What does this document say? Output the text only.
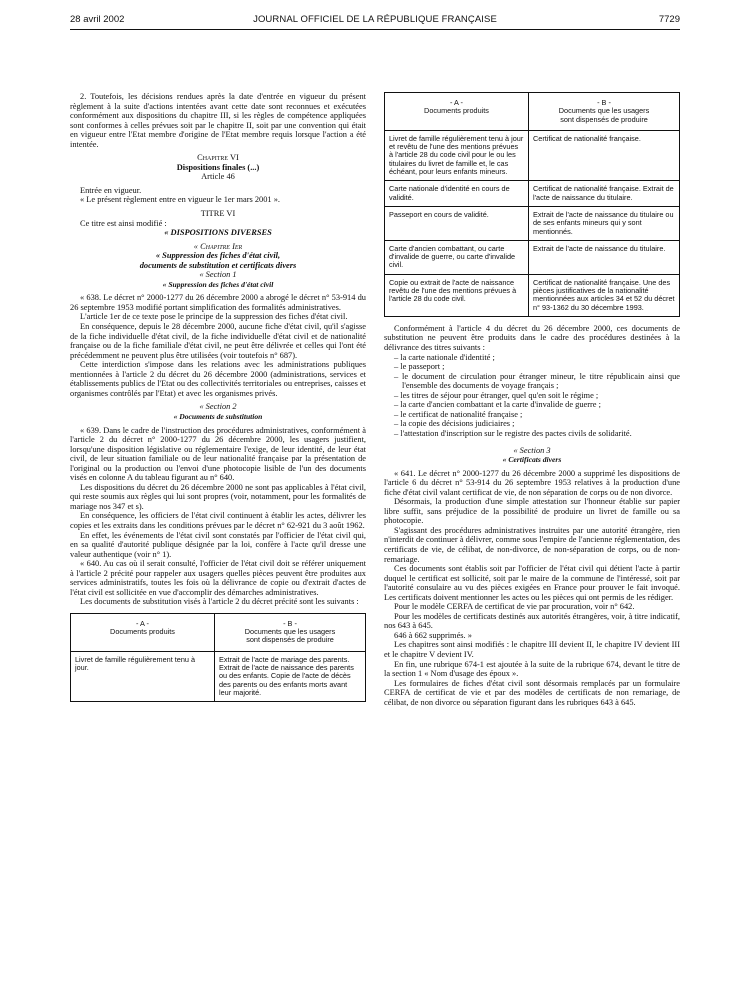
28 avril 2002	JOURNAL OFFICIEL DE LA RÉPUBLIQUE FRANÇAISE	7729

2. Toutefois, les décisions rendues après la date d'entrée en vigueur du présent règlement à la suite d'actions intentées avant cette date sont reconnues et exécutées conformément aux dispositions du chapitre III, si les règles de compétence appliquées sont conformes à celles prévues soit par le chapitre II, soit par une convention qui était en vigueur entre l'Etat membre d'origine de l'Etat membre requis lorsque l'action a été intentée.

Chapitre VI

Dispositions finales (...)

Article 46

Entrée en vigueur.

« Le présent règlement entre en vigueur le 1er mars 2001 ».

TITRE VI

Ce titre est ainsi modifié :

« DISPOSITIONS DIVERSES

« Chapitre Ier

« Suppression des fiches d'état civil,

documents de substitution et certificats divers

« Section 1

« Suppression des fiches d'état civil

« 638. Le décret n° 2000-1277 du 26 décembre 2000 a abrogé le décret n° 53-914 du 26 septembre 1953 modifié portant simplification des formalités administratives.

L'article 1er de ce texte pose le principe de la suppression des fiches d'état civil.

En conséquence, depuis le 28 décembre 2000, aucune fiche d'état civil, qu'il s'agisse de la fiche individuelle d'état civil, de la fiche individuelle d'état civil et de nationalité française ou de la fiche familiale d'état civil, ne peut être délivrée et celles qui l'ont été précédemment ne peuvent plus être utilisées (voir toutefois n° 687).

Cette interdiction s'impose dans les relations avec les administrations publiques mentionnées à l'article 2 du décret du 26 décembre 2000 (administrations, services et établissements publics de l'Etat ou des collectivités territoriales ou entreprises, caisses et organismes contrôlés par l'Etat) et avec les organismes privés.

« Section 2

« Documents de substitution

« 639. Dans le cadre de l'instruction des procédures administratives, conformément à l'article 2 du décret n° 2000-1277 du 26 décembre 2000, les usagers justifient, lorsqu'une disposition législative ou réglementaire l'exige, de leur identité, de leur état civil, de leur situation familiale ou de leur nationalité française par la présentation de l'original ou la production ou l'envoi d'une photocopie lisible de l'un des documents visés en colonne A du tableau figurant au n° 640.

Les dispositions du décret du 26 décembre 2000 ne sont pas applicables à l'état civil, qui reste soumis aux règles qui lui sont propres (voir, notamment, pour les formalités de mariage nos 347 et s).

En conséquence, les officiers de l'état civil continuent à établir les actes, délivrer les copies et les extraits dans les conditions prévues par le décret n° 62-921 du 3 août 1962.

En effet, les événements de l'état civil sont constatés par l'officier de l'état civil qui, en sa qualité d'autorité publique désignée par la loi, confère à l'acte qu'il dresse une valeur authentique (voir n° 1).

« 640. Au cas où il serait consulté, l'officier de l'état civil doit se référer uniquement à l'article 2 précité pour rappeler aux usagers quelles pièces peuvent être produites aux services administratifs, toutes les fois où la délivrance de copie ou d'extrait d'actes de l'état civil est sollicitée en vue d'accomplir des démarches administratives.

Les documents de substitution visés à l'article 2 du décret précité sont les suivants :

- A -
Documents produits	- B -
Documents que les usagers
sont dispensés de produire

Livret de famille régulièrement tenu à jour.	Extrait de l'acte de mariage des parents. Extrait de l'acte de naissance des parents ou des enfants. Copie de l'acte de décès des parents ou des enfants morts avant leur majorité.
- A -
Documents produits	- B -
Documents que les usagers
sont dispensés de produire

Livret de famille régulièrement tenu à jour et revêtu de l'une des mentions prévues à l'article 28 du code civil pour le ou les titulaires du livret de famille et, le cas échéant, pour leurs enfants mineurs.	Certificat de nationalité française.
Carte nationale d'identité en cours de validité.	Certificat de nationalité française. Extrait de l'acte de naissance du titulaire.
Passeport en cours de validité.	Extrait de l'acte de naissance du titulaire ou de ses enfants mineurs qui y sont mentionnés.
Carte d'ancien combattant, ou carte d'invalide de guerre, ou carte d'invalide civil.	Extrait de l'acte de naissance du titulaire.
Copie ou extrait de l'acte de naissance revêtu de l'une des mentions prévues à l'article 28 du code civil.	Certificat de nationalité française. Une des pièces justificatives de la nationalité mentionnées aux articles 34 et 52 du décret n° 93-1362 du 30 décembre 1993.

Conformément à l'article 4 du décret du 26 décembre 2000, ces documents de substitution ne peuvent être produits dans le cadre des procédures destinées à la délivrance des titres suivants :

– la carte nationale d'identité ;
– le passeport ;
– le document de circulation pour étranger mineur, le titre républicain ainsi que l'ensemble des documents de voyage français ;
– les titres de séjour pour étranger, quel qu'en soit le régime ;
– la carte d'ancien combattant et la carte d'invalide de guerre ;
– le certificat de nationalité française ;
– la copie des décisions judiciaires ;
– l'attestation d'inscription sur le registre des pactes civils de solidarité.

« Section 3

« Certificats divers

« 641. Le décret n° 2000-1277 du 26 décembre 2000 a supprimé les dispositions de l'article 6 du décret n° 53-914 du 26 septembre 1953 relatives à la production d'une fiche d'état civil valant certificat de vie, de non séparation de corps ou de non divorce.

Désormais, la production d'une simple attestation sur l'honneur établie sur papier libre suffit, sans préjudice de la possibilité de produire un livret de famille ou sa photocopie.

S'agissant des procédures administratives instruites par une autorité étrangère, rien n'interdit de continuer à délivrer, comme sous l'empire de l'ancienne réglementation, des certificats de vie, de célibat, de non-divorce, de non-séparation de corps, ou de non-remariage.

Ces documents sont établis soit par l'officier de l'état civil qui détient l'acte à partir duquel le certificat est sollicité, soit par le maire de la commune de l'intéressé, soit par l'autorité consulaire au vu des pièces exigées en France pour prouver le fait invoqué. Les certificats doivent mentionner les actes ou les pièces qui ont permis de les rédiger.

Pour le modèle CERFA de certificat de vie par procuration, voir n° 642.

Pour les modèles de certificats destinés aux autorités étrangères, voir, à titre indicatif, nos 643 à 645.

646 à 662 supprimés. »

Les chapitres sont ainsi modifiés : le chapitre III devient II, le chapitre IV devient III et le chapitre V devient IV.

En fin, une rubrique 674-1 est ajoutée à la suite de la rubrique 674, devant le titre de la section 1 « Nom d'usage des époux ».

Les formulaires de fiches d'état civil sont désormais remplacés par un formulaire CERFA de certificat de vie et par des modèles de certificats de non remariage, de célibat, de non divorce ou séparation figurant dans les rubriques 643 à 645.
